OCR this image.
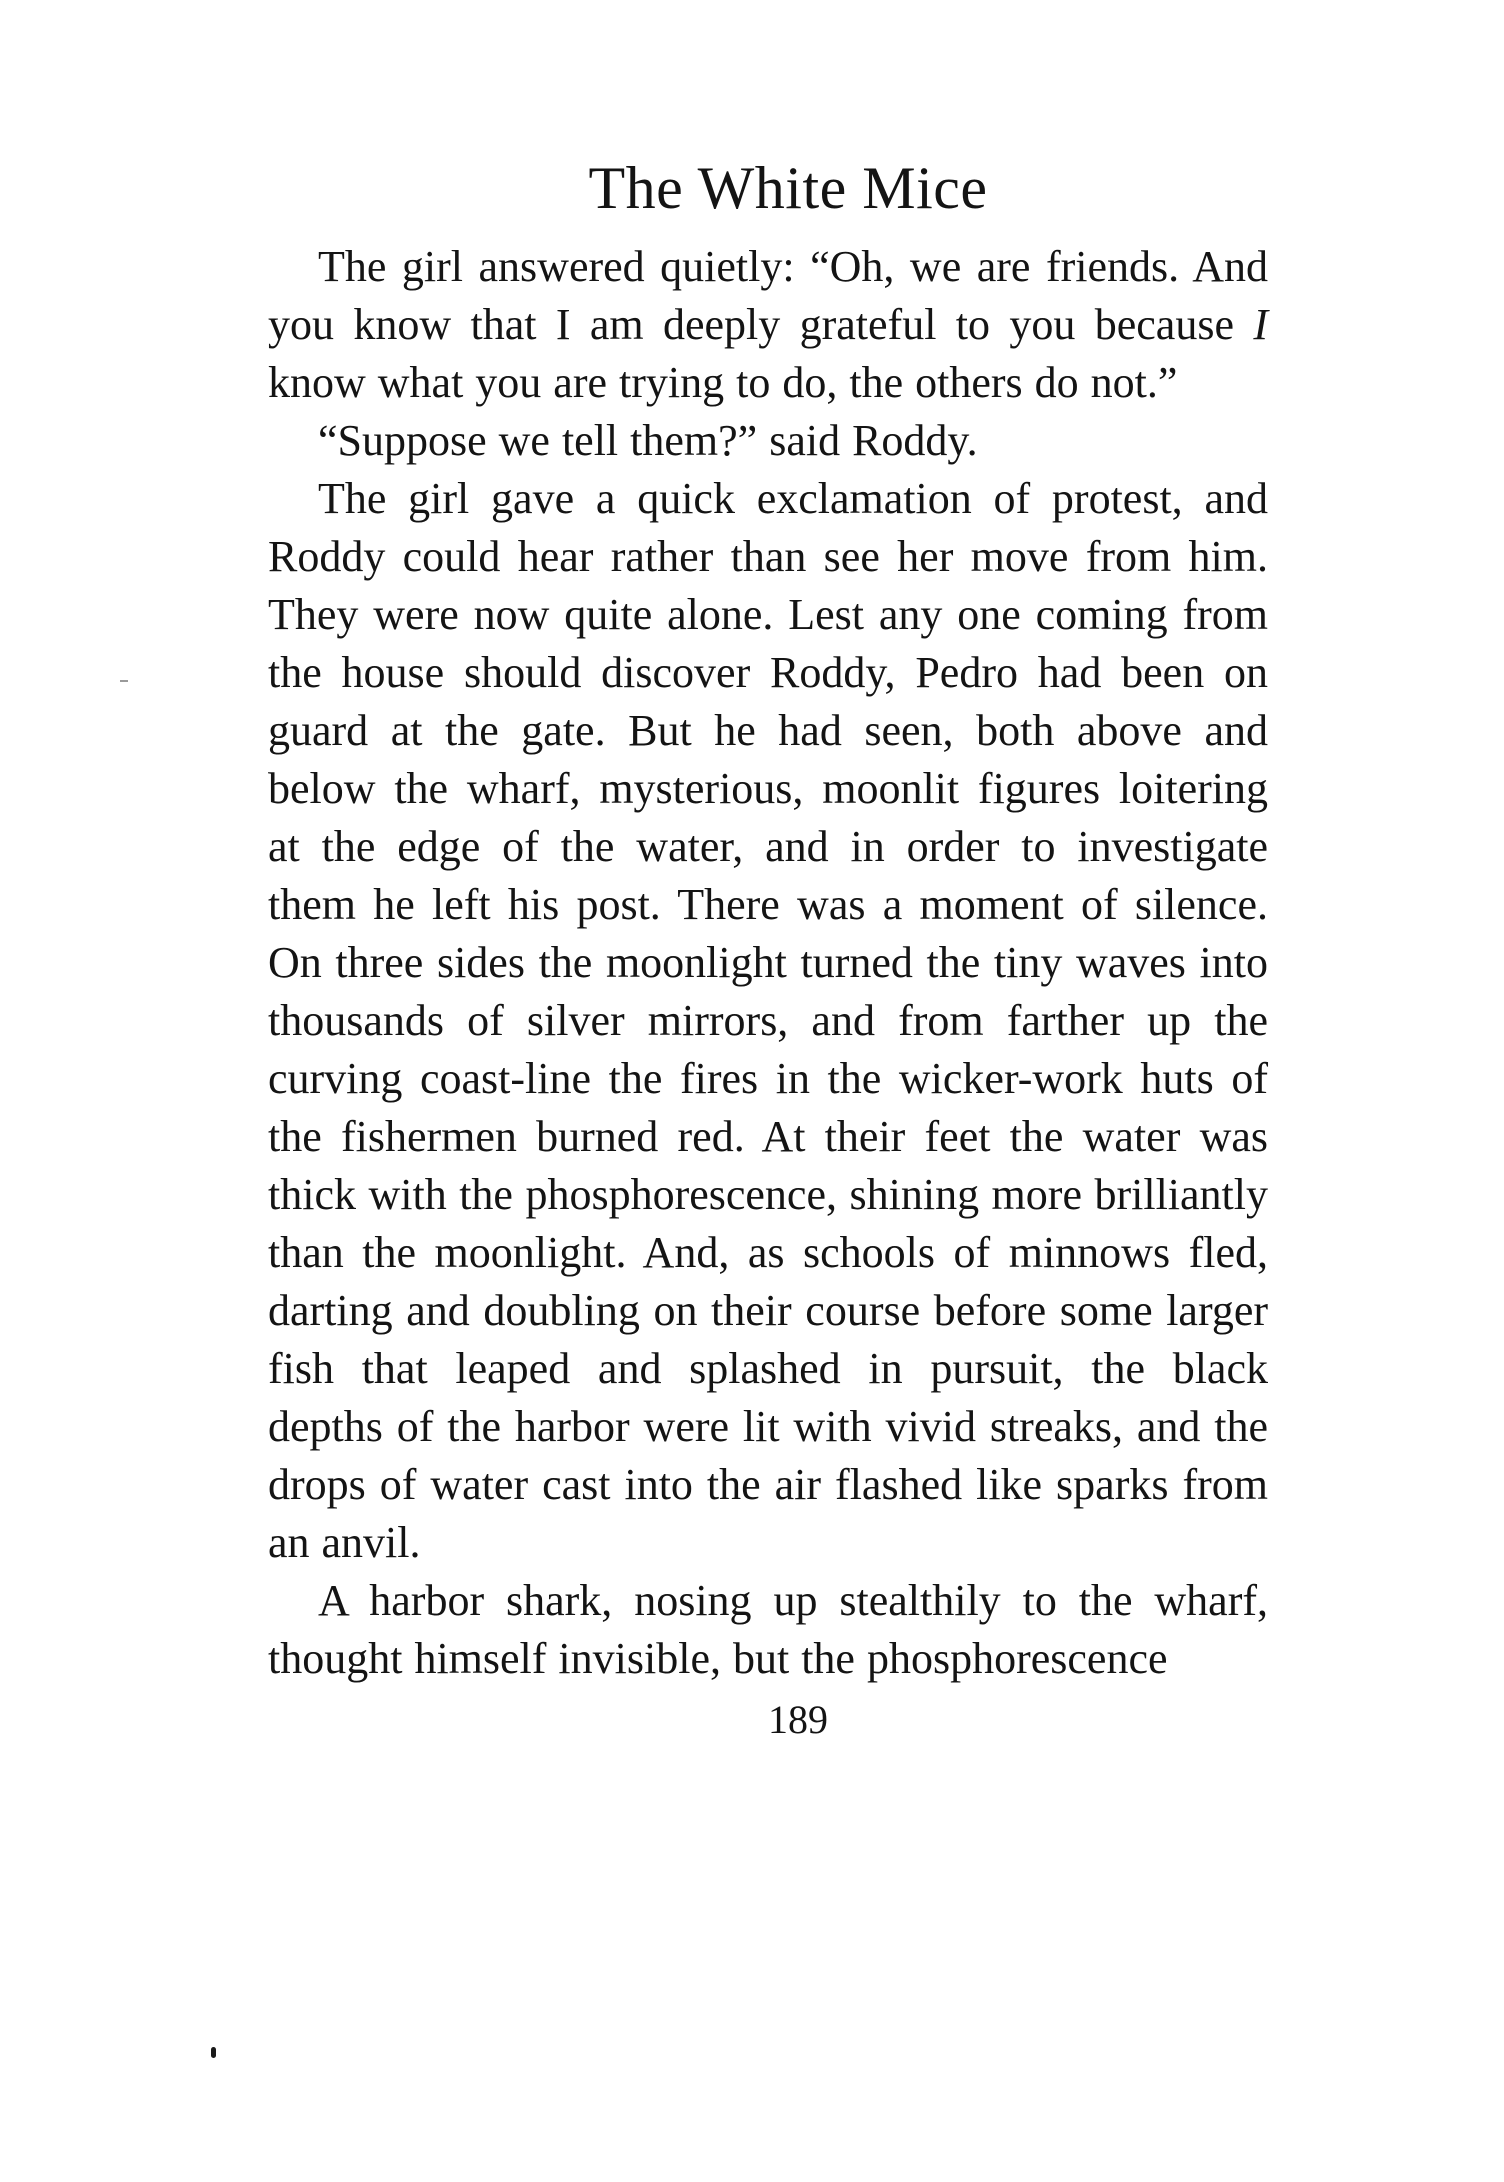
The White Mice

The girl answered quietly: “Oh, we are friends. And you know that I am deeply grateful to you because I know what you are trying to do, the others do not.”

“Suppose we tell them?” said Roddy.

The girl gave a quick exclamation of protest, and Roddy could hear rather than see her move from him. They were now quite alone. Lest any one coming from the house should discover Roddy, Pedro had been on guard at the gate. But he had seen, both above and below the wharf, mysterious, moonlit figures loitering at the edge of the water, and in order to investigate them he left his post. There was a moment of silence. On three sides the moonlight turned the tiny waves into thousands of silver mirrors, and from farther up the curving coast-line the fires in the wicker-work huts of the fishermen burned red. At their feet the water was thick with the phosphorescence, shining more brilliantly than the moonlight. And, as schools of minnows fled, darting and doubling on their course before some larger fish that leaped and splashed in pursuit, the black depths of the harbor were lit with vivid streaks, and the drops of water cast into the air flashed like sparks from an anvil.

A harbor shark, nosing up stealthily to the wharf, thought himself invisible, but the phosphorescence

189
